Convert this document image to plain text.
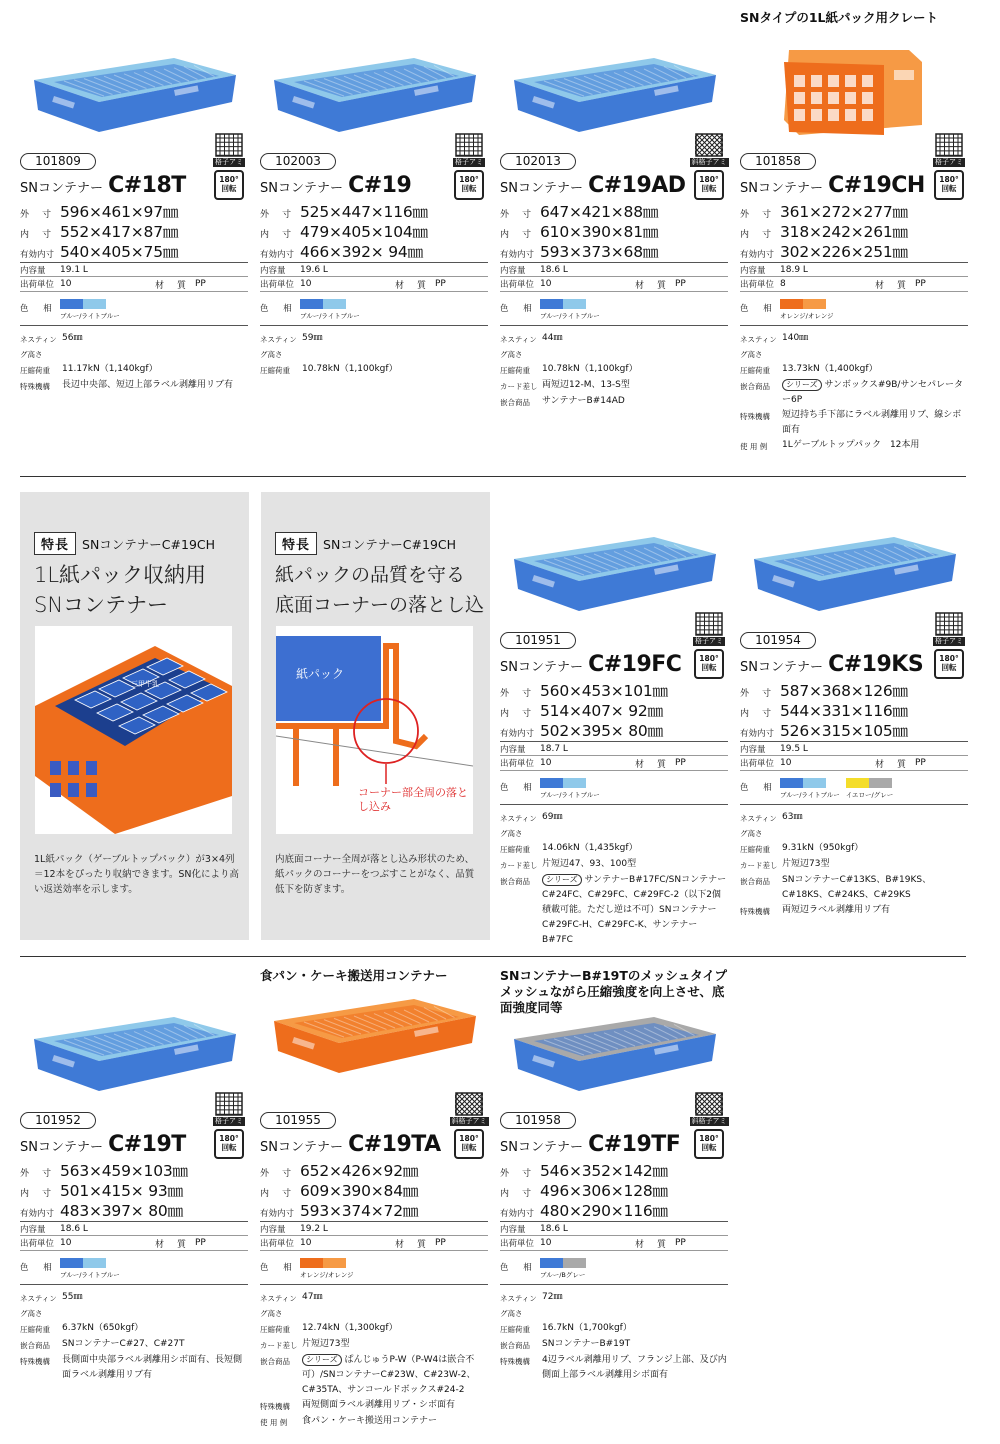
格子アミ
180°回転
101809
SNコンテナー C#18T
外　寸 596×461×97㎜
内　寸 552×417×87㎜
有効内寸 540×405×75㎜
内容量	19.1 L
出荷単位 10	材　質 PP
色 相
ブルー/ライトブルー
ネスティング高さ
56㎜
圧縮荷重	11.17kN（1,140kgf）
特殊機構	長辺中央部、短辺上部ラベル剥離用リブ有
格子アミ
180°回転
102003
SNコンテナー C#19
外　寸 525×447×116㎜
内　寸 479×405×104㎜
有効内寸 466×392× 94㎜
内容量	19.6 L
出荷単位 10	材　質 PP
色 相
ブルー/ライトブルー
ネスティング高さ
59㎜
圧縮荷重	10.78kN（1,100kgf）
斜格子アミ
180°回転
102013
SNコンテナー C#19AD
外　寸 647×421×88㎜
内　寸 610×390×81㎜
有効内寸 593×373×68㎜
内容量	18.6 L
出荷単位 10	材　質 PP
色 相
ブルー/ライトブルー
ネスティング高さ
44㎜
圧縮荷重	10.78kN（1,100kgf）
カード差し 両短辺12-M、13-S型
嵌合商品	サンテナーB#14AD
SNタイプの1L紙パック用クレート
格子アミ
180°回転
101858
SNコンテナー C#19CH
外　寸 361×272×277㎜
内　寸 318×242×261㎜
有効内寸 302×226×251㎜
内容量	18.9 L
出荷単位 8	材　質 PP
色 相
オレンジ/オレンジ
ネスティング高さ
140㎜
圧縮荷重	13.73kN（1,400kgf）
嵌合商品	シリーズ サンボックス#9B/サンセパレーター6P
特殊機構	短辺持ち手下部にラベル剥離用リブ、線シボ面有
使 用 例	1Lゲーブルトップパック　12本用
格子アミ
180°回転
101951
SNコンテナー C#19FC
外　寸 560×453×101㎜
内　寸 514×407× 92㎜
有効内寸 502×395× 80㎜
内容量	18.7 L
出荷単位 10	材　質 PP
色 相
ブルー/ライトブルー
ネスティング高さ
69㎜
圧縮荷重	14.06kN（1,435kgf）
カード差し 片短辺47、93、100型
嵌合商品	シリーズ サンテナーB#17FC/SNコンテナーC#24FC、C#29FC、C#29FC-2（以下2個積載可能。ただし逆は不可）SNコンテナーC#29FC-H、C#29FC-K、サンテナーB#7FC
格子アミ
180°回転
101954
SNコンテナー C#19KS
外　寸 587×368×126㎜
内　寸 544×331×116㎜
有効内寸 526×315×105㎜
内容量	19.5 L
出荷単位 10	材　質 PP
色 相
ブルー/ライトブルー イエロー/グレー
ネスティング高さ
63㎜
圧縮荷重	9.31kN（950kgf）
カード差し 片短辺73型
嵌合商品	SNコンテナーC#13KS、B#19KS、C#18KS、C#24KS、C#29KS
特殊機構	両短辺ラベル剥離用リブ有
格子アミ
180°回転
101952
SNコンテナー C#19T
外　寸 563×459×103㎜
内　寸 501×415× 93㎜
有効内寸 483×397× 80㎜
内容量	18.6 L
出荷単位 10	材　質 PP
色 相
ブルー/ライトブルー
ネスティング高さ
55㎜
圧縮荷重	6.37kN（650kgf）
嵌合商品	SNコンテナーC#27、C#27T
特殊機構	長側面中央部ラベル剥離用シボ面有、長短側面ラベル剥離用リブ有
食パン・ケーキ搬送用コンテナー
斜格子アミ
180°回転
101955
SNコンテナー C#19TA
外　寸 652×426×92㎜
内　寸 609×390×84㎜
有効内寸 593×374×72㎜
内容量	19.2 L
出荷単位 10	材　質 PP
色 相
オレンジ/オレンジ
ネスティング高さ
47㎜
圧縮荷重	12.74kN（1,300kgf）
カード差し 片短辺73型
嵌合商品	シリーズ ぱんじゅうP-W（P-W4は嵌合不可）/SNコンテナーC#23W、C#23W-2、C#35TA、サンコールドボックス#24-2
特殊機構	両短側面ラベル剥離用リブ・シボ面有
使 用 例	食パン・ケーキ搬送用コンテナー
SNコンテナーB#19Tのメッシュタイプ メッシュながら圧縮強度を向上させ、底面強度同等
斜格子アミ
180°回転
101958
SNコンテナー C#19TF
外　寸 546×352×142㎜
内　寸 496×306×128㎜
有効内寸 480×290×116㎜
内容量	18.6 L
出荷単位 10	材　質 PP
色 相
ブルー/Bグレー
ネスティング高さ
72㎜
圧縮荷重	16.7kN（1,700kgf）
嵌合商品	SNコンテナーB#19T
特殊機構	4辺ラベル剥離用リブ、フランジ上部、及び内側面上部ラベル剥離用シボ面有
特長	SNコンテナーC#19CH
1L紙パック収納用 SNコンテナー
三甲牛乳
1L紙パック（ゲーブルトップパック）が3×4列＝12本をぴったり収納できます。SN化により高い返送効率を示します。
特長	SNコンテナーC#19CH
紙パックの品質を守る 底面コーナーの落とし込
紙パック
コーナー部全周の落とし込み
内底面コーナー全周が落とし込み形状のため、紙パックのコーナーをつぶすことがなく、品質低下を防ぎます。
